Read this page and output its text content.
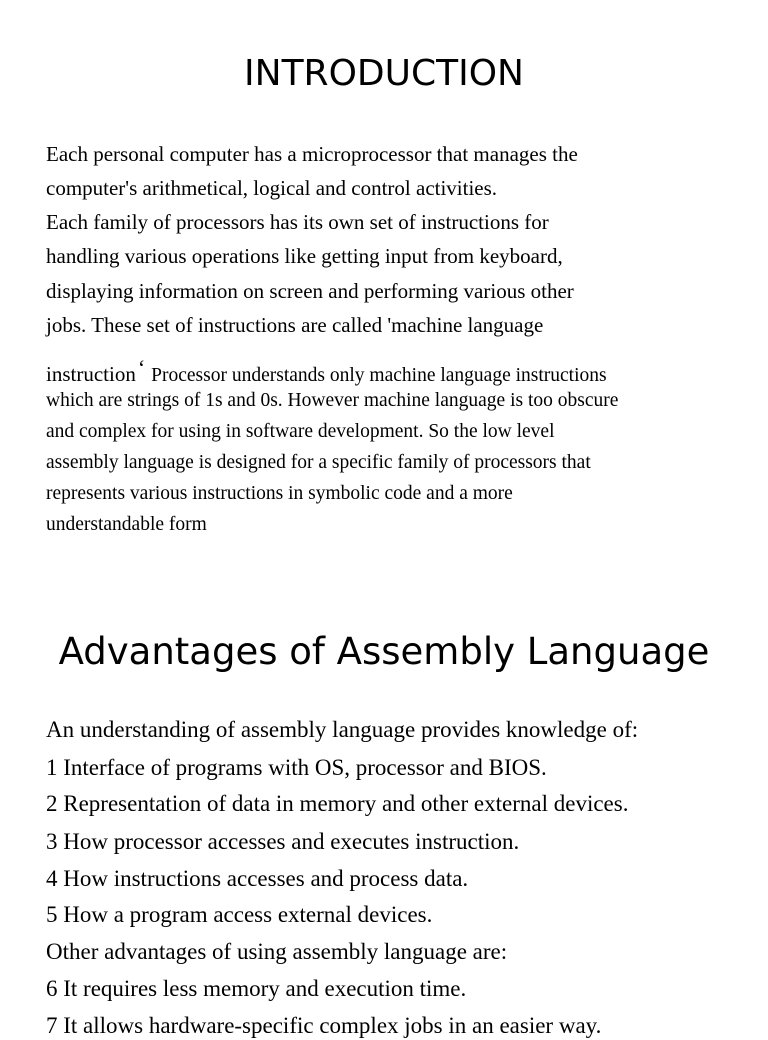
INTRODUCTION

Each personal computer has a microprocessor that manages the

computer's arithmetical, logical and control activities.

Each family of processors has its own set of instructions for

handling various operations like getting input from keyboard,

displaying information on screen and performing various other

jobs. These set of instructions are called 'machine language

instruction‘ Processor understands only machine language instructions

which are strings of 1s and 0s. However machine language is too obscure

and complex for using in software development. So the low level

assembly language is designed for a specific family of processors that

represents various instructions in symbolic code and a more

understandable form

Advantages of Assembly Language

An understanding of assembly language provides knowledge of:

1 Interface of programs with OS, processor and BIOS.

2 Representation of data in memory and other external devices.

3 How processor accesses and executes instruction.

4 How instructions accesses and process data.

5 How a program access external devices.

Other advantages of using assembly language are:

6 It requires less memory and execution time.

7 It allows hardware-specific complex jobs in an easier way.
